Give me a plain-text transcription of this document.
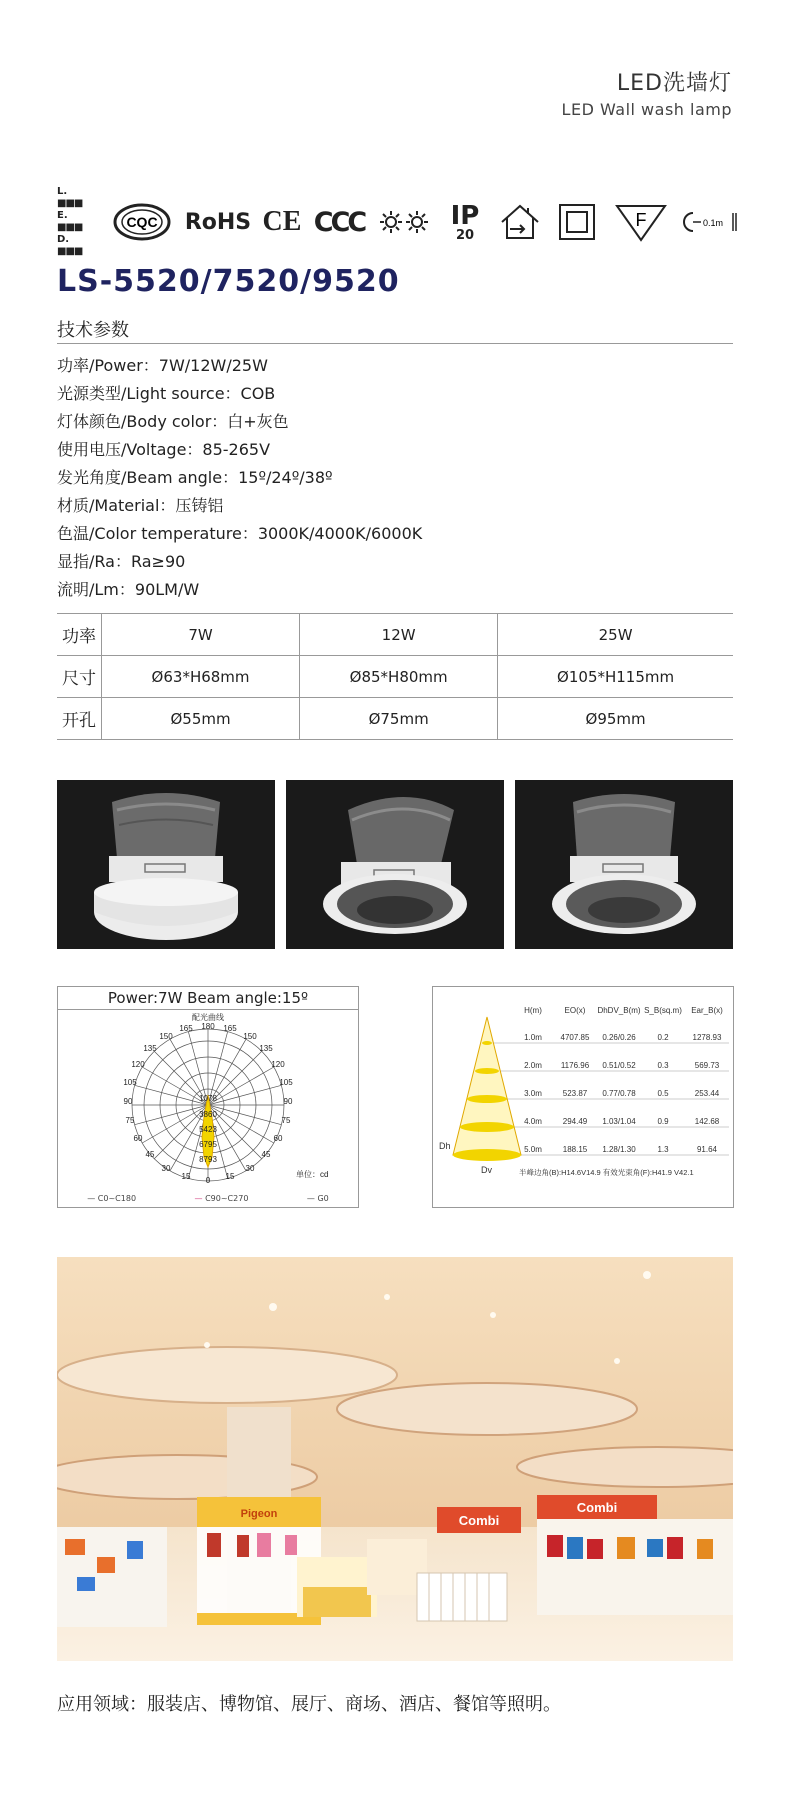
LED洗墙灯
LED Wall wash lamp
L. ■■■
E. ■■■
D. ■■■
CQC RoHS CE CCC	IP
20
F	0.1m
LS-5520/7520/9520
技术参数
功率/Power：7W/12W/25W
光源类型/Light source：COB
灯体颜色/Body color：白+灰色
使用电压/Voltage：85-265V
发光角度/Beam angle：15º/24º/38º
材质/Material：压铸铝
色温/Color temperature：3000K/4000K/6000K
显指/Ra：Ra≥90
流明/Lm：90LM/W
功率	7W	12W	25W
尺寸	Ø63*H68mm	Ø85*H80mm	Ø105*H115mm
开孔	Ø55mm	Ø75mm	Ø95mm
Power:7W Beam angle:15º
配光曲线
180
165	165
150	150
135	135
120	120
105	105
90	90
75	75
60	60
45	45
30	30
15	15
0
1078
3860
5423
6795
8793
单位：cd
— C0~C180	— C90~C270	— G0
H(m)	EO(x) DhDV_B(m) S_B(sq.m) Ear_B(x)
1.0m 4707.85 0.26/0.26	0.2	1278.93
2.0m 1176.96 0.51/0.52	0.3	569.73
3.0m	523.87 0.77/0.78	0.5	253.44
4.0m	294.49 1.03/1.04	0.9	142.68
5.0m	188.15 1.28/1.30	1.3	91.64
Dh
Dv	半峰边角(B):H14.6V14.9 有效光束角(F):H41.9 V42.1
Pigeon	Combi
Combi
应用领域：服装店、博物馆、展厅、商场、酒店、餐馆等照明。
